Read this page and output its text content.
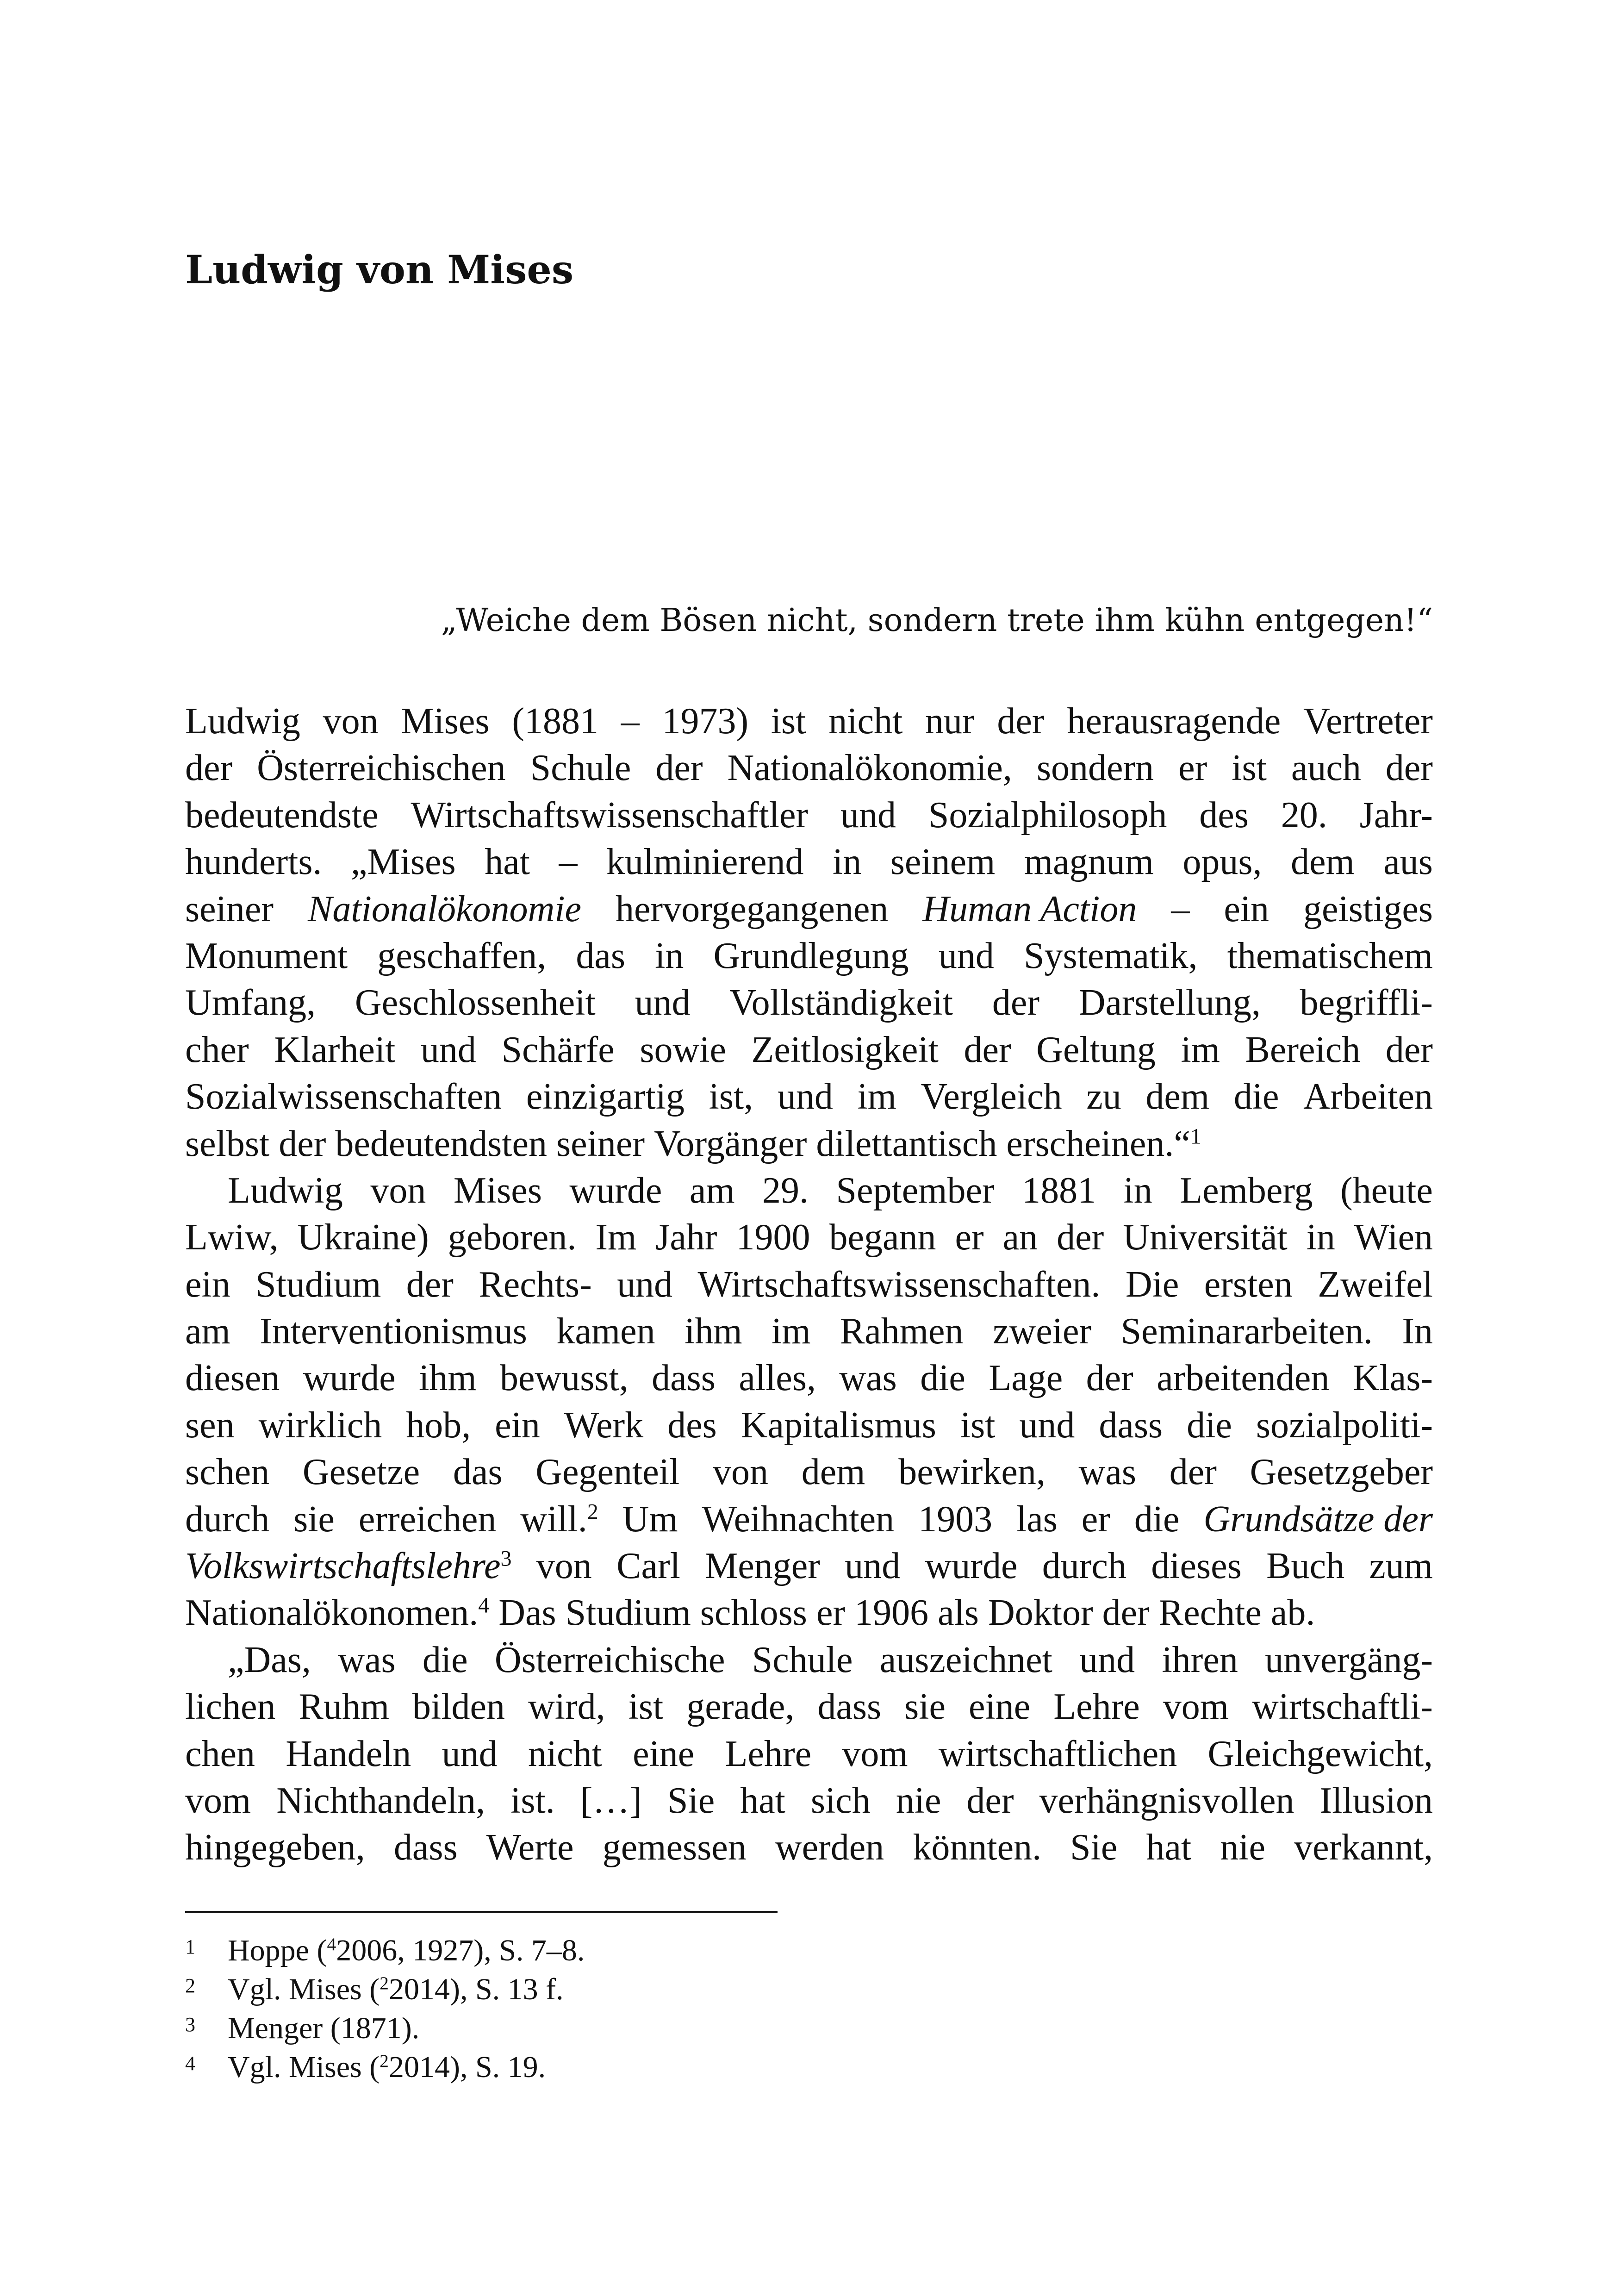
Ludwig von Mises

„Weiche dem Bösen nicht, sondern trete ihm kühn entgegen!“

Ludwig von Mises (1881 – 1973) ist nicht nur der herausragende Vertreter
der Österreichischen Schule der Nationalökonomie, sondern er ist auch der
bedeutendste Wirtschaftswissenschaftler und Sozialphilosoph des 20. Jahr-
hunderts. „Mises hat – kulminierend in seinem magnum opus, dem aus
seiner Nationalökonomie hervorgegangenen Human Action – ein geistiges
Monument geschaffen, das in Grundlegung und Systematik, thematischem
Umfang, Geschlossenheit und Vollständigkeit der Darstellung, begriffli-
cher Klarheit und Schärfe sowie Zeitlosigkeit der Geltung im Bereich der
Sozialwissenschaften einzigartig ist, und im Vergleich zu dem die Arbeiten
selbst der bedeutendsten seiner Vorgänger dilettantisch erscheinen.“$^1$
Ludwig von Mises wurde am 29. September 1881 in Lemberg (heute
Lwiw, Ukraine) geboren. Im Jahr 1900 begann er an der Universität in Wien
ein Studium der Rechts- und Wirtschaftswissenschaften. Die ersten Zweifel
am Interventionismus kamen ihm im Rahmen zweier Seminararbeiten. In
diesen wurde ihm bewusst, dass alles, was die Lage der arbeitenden Klas-
sen wirklich hob, ein Werk des Kapitalismus ist und dass die sozialpoliti-
schen Gesetze das Gegenteil von dem bewirken, was der Gesetzgeber
durch sie erreichen will.$^2$ Um Weihnachten 1903 las er die Grundsätze der
Volkswirtschaftslehre$^3$ von Carl Menger und wurde durch dieses Buch zum
Nationalökonomen.$^4$ Das Studium schloss er 1906 als Doktor der Rechte ab.
„Das, was die Österreichische Schule auszeichnet und ihren unvergäng-
lichen Ruhm bilden wird, ist gerade, dass sie eine Lehre vom wirtschaftli-
chen Handeln und nicht eine Lehre vom wirtschaftlichen Gleichgewicht,
vom Nichthandeln, ist. […] Sie hat sich nie der verhängnisvollen Illusion
hingegeben, dass Werte gemessen werden könnten. Sie hat nie verkannt,
1	Hoppe ($^4$2006, 1927), S. 7–8.
2	Vgl. Mises ($^2$2014), S. 13 f.
3	Menger (1871).
4	Vgl. Mises ($^2$2014), S. 19.
